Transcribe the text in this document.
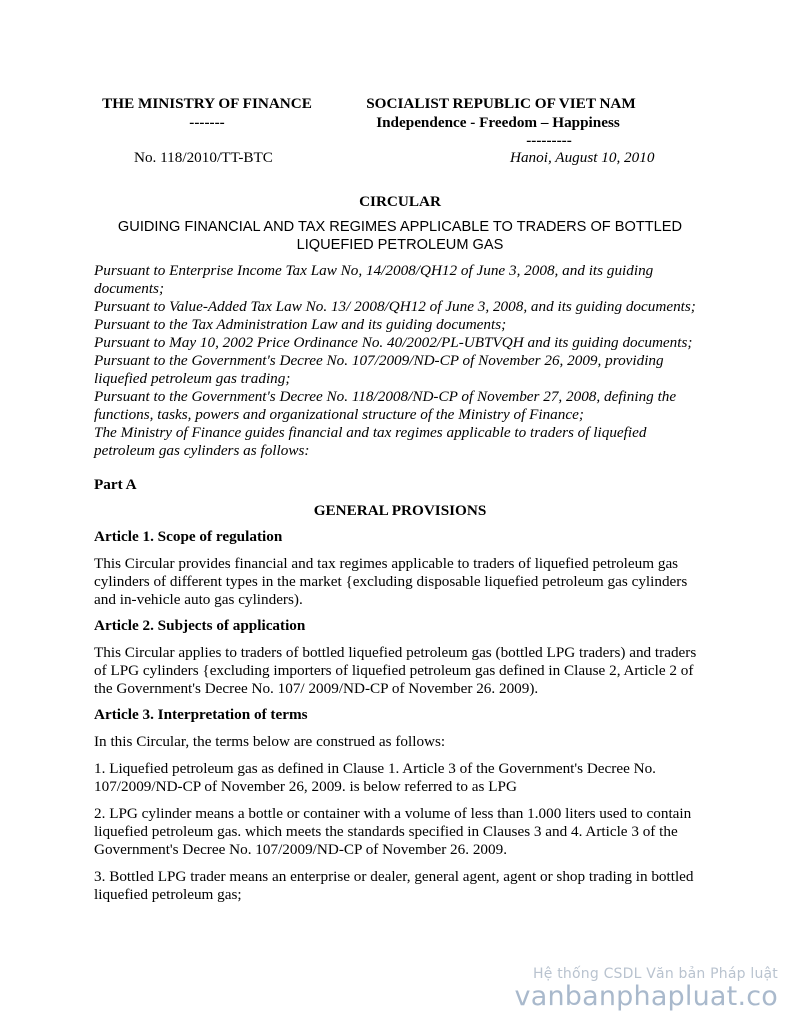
THE MINISTRY OF FINANCE
-------
SOCIALIST REPUBLIC OF VIET NAM
Independence - Freedom – Happiness
---------
No. 118/2010/TT-BTC	Hanoi, August 10, 2010
CIRCULAR
GUIDING FINANCIAL AND TAX REGIMES APPLICABLE TO TRADERS OF BOTTLED LIQUEFIED PETROLEUM GAS

Pursuant to Enterprise Income Tax Law No, 14/2008/QH12 of June 3, 2008, and its guiding documents;

Pursuant to Value-Added Tax Law No. 13/ 2008/QH12 of June 3, 2008, and its guiding documents;

Pursuant to the Tax Administration Law and its guiding documents;

Pursuant to May 10, 2002 Price Ordinance No. 40/2002/PL-UBTVQH and its guiding documents;

Pursuant to the Government's Decree No. 107/2009/ND-CP of November 26, 2009, providing liquefied petroleum gas trading;

Pursuant to the Government's Decree No. 118/2008/ND-CP of November 27, 2008, defining the functions, tasks, powers and organizational structure of the Ministry of Finance;

The Ministry of Finance guides financial and tax regimes applicable to traders of liquefied petroleum gas cylinders as follows:

Part A

GENERAL PROVISIONS

Article 1. Scope of regulation

This Circular provides financial and tax regimes applicable to traders of liquefied petroleum gas cylinders of different types in the market {excluding disposable liquefied petroleum gas cylinders and in-vehicle auto gas cylinders).

Article 2. Subjects of application

This Circular applies to traders of bottled liquefied petroleum gas (bottled LPG traders) and traders of LPG cylinders {excluding importers of liquefied petroleum gas defined in Clause 2, Article 2 of the Government's Decree No. 107/ 2009/ND-CP of November 26. 2009).

Article 3. Interpretation of terms

In this Circular, the terms below are construed as follows:

1. Liquefied petroleum gas as defined in Clause 1. Article 3 of the Government's Decree No. 107/2009/ND-CP of November 26, 2009. is below referred to as LPG

2. LPG cylinder means a bottle or container with a volume of less than 1.000 liters used to contain liquefied petroleum gas. which meets the standards specified in Clauses 3 and 4. Article 3 of the Government's Decree No. 107/2009/ND-CP of November 26. 2009.

3. Bottled LPG trader means an enterprise or dealer, general agent, agent or shop trading in bottled liquefied petroleum gas;

Hệ thống CSDL Văn bản Pháp luật
vanbanphapluat.co
